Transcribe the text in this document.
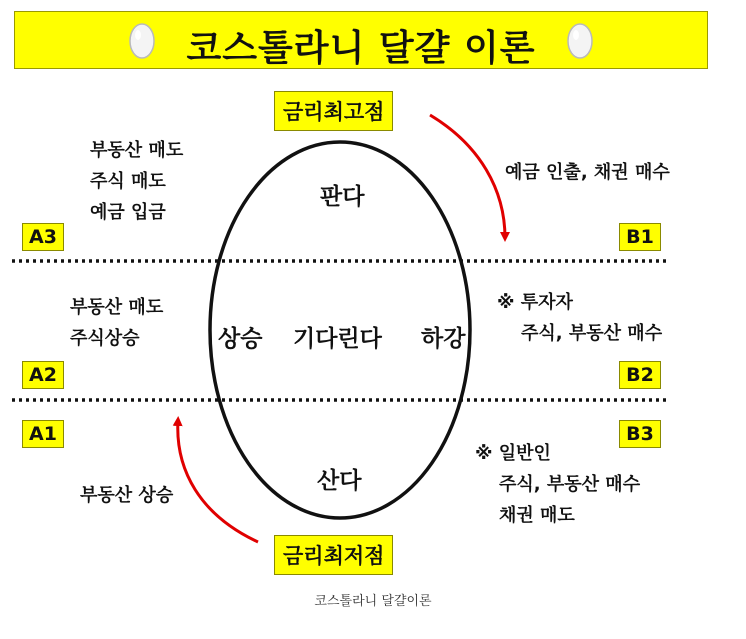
코스톨라니 달걀 이론
금리최고점
금리최저점
판다
상승 기다린다 하강
산다
A3
A2
A1
B1
B2
B3
부동산 매도
주식 매도
예금 입금
부동산 매도
주식상승
부동산 상승
예금 인출, 채권 매수
※ 투자자
주식, 부동산 매수
※ 일반인
주식, 부동산 매수
채권 매도
코스톨라니 달걀이론
